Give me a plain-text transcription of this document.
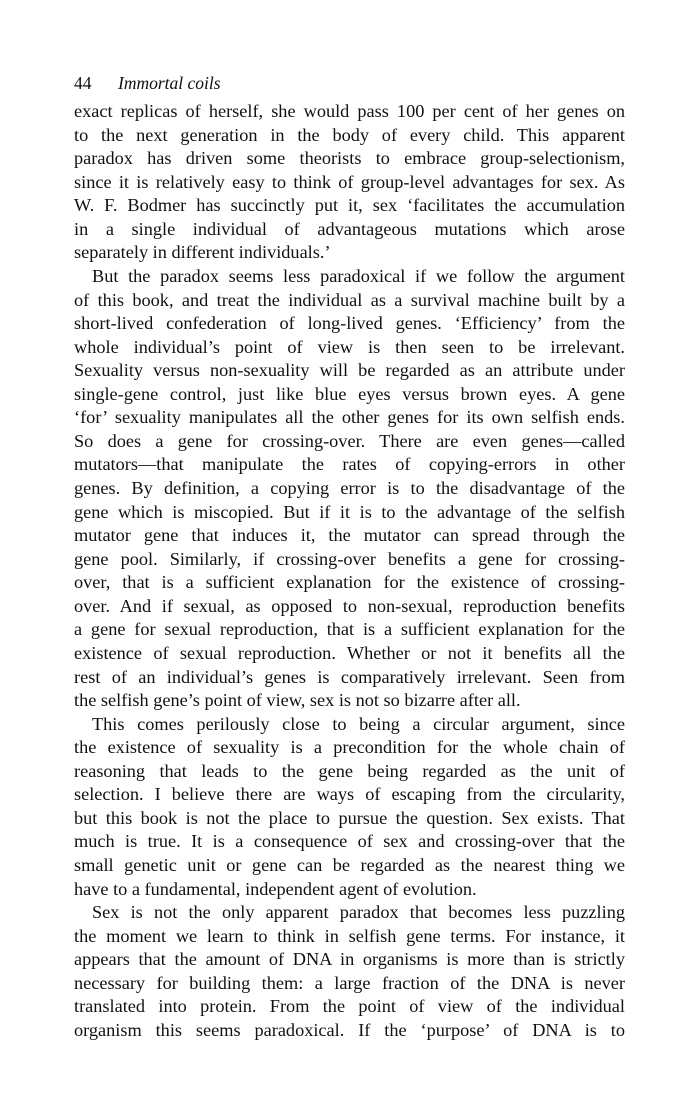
44 Immortal coils
exact replicas of herself, she would pass 100 per cent of her genes on
to the next generation in the body of every child. This apparent
paradox has driven some theorists to embrace group-selectionism,
since it is relatively easy to think of group-level advantages for sex. As
W. F. Bodmer has succinctly put it, sex ‘facilitates the accumulation
in a single individual of advantageous mutations which arose
separately in different individuals.’
But the paradox seems less paradoxical if we follow the argument
of this book, and treat the individual as a survival machine built by a
short-lived confederation of long-lived genes. ‘Efficiency’ from the
whole individual’s point of view is then seen to be irrelevant.
Sexuality versus non-sexuality will be regarded as an attribute under
single-gene control, just like blue eyes versus brown eyes. A gene
‘for’ sexuality manipulates all the other genes for its own selfish ends.
So does a gene for crossing-over. There are even genes—called
mutators—that manipulate the rates of copying-errors in other
genes. By definition, a copying error is to the disadvantage of the
gene which is miscopied. But if it is to the advantage of the selfish
mutator gene that induces it, the mutator can spread through the
gene pool. Similarly, if crossing-over benefits a gene for crossing-
over, that is a sufficient explanation for the existence of crossing-
over. And if sexual, as opposed to non-sexual, reproduction benefits
a gene for sexual reproduction, that is a sufficient explanation for the
existence of sexual reproduction. Whether or not it benefits all the
rest of an individual’s genes is comparatively irrelevant. Seen from
the selfish gene’s point of view, sex is not so bizarre after all.
This comes perilously close to being a circular argument, since
the existence of sexuality is a precondition for the whole chain of
reasoning that leads to the gene being regarded as the unit of
selection. I believe there are ways of escaping from the circularity,
but this book is not the place to pursue the question. Sex exists. That
much is true. It is a consequence of sex and crossing-over that the
small genetic unit or gene can be regarded as the nearest thing we
have to a fundamental, independent agent of evolution.
Sex is not the only apparent paradox that becomes less puzzling
the moment we learn to think in selfish gene terms. For instance, it
appears that the amount of DNA in organisms is more than is strictly
necessary for building them: a large fraction of the DNA is never
translated into protein. From the point of view of the individual
organism this seems paradoxical. If the ‘purpose’ of DNA is to
